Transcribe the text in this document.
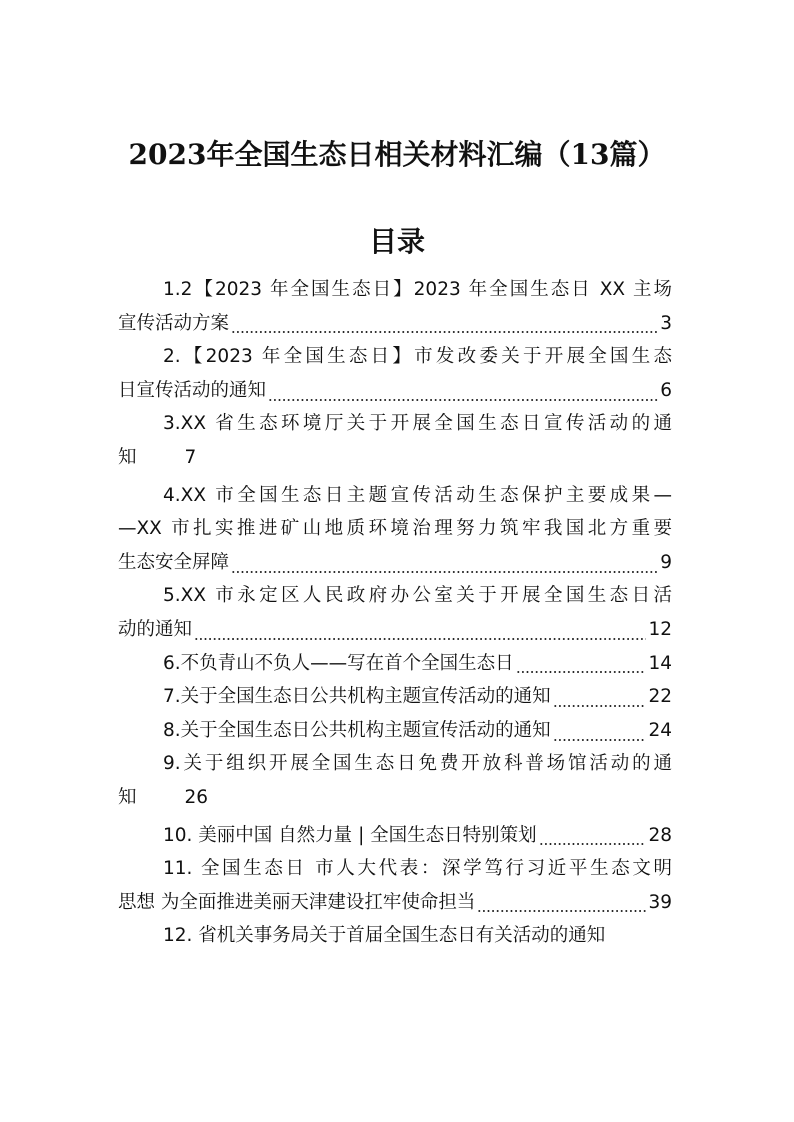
2023年全国生态日相关材料汇编（13篇）
目录
1.2【2023 年全国生态日】2023 年全国生态日 XX 主场
宣传活动方案	3
2.【2023 年全国生态日】市发改委关于开展全国生态
日宣传活动的通知	6
3.XX 省生态环境厅关于开展全国生态日宣传活动的通
知	7
4.XX 市全国生态日主题宣传活动生态保护主要成果—
—XX 市扎实推进矿山地质环境治理努力筑牢我国北方重要
生态安全屏障	9
5.XX 市永定区人民政府办公室关于开展全国生态日活
动的通知	12
6.不负青山不负人——写在首个全国生态日	14
7.关于全国生态日公共机构主题宣传活动的通知	22
8.关于全国生态日公共机构主题宣传活动的通知	24
9.关于组织开展全国生态日免费开放科普场馆活动的通
知	26
10. 美丽中国 自然力量 | 全国生态日特别策划	28
11. 全国生态日 市人大代表：深学笃行习近平生态文明
思想 为全面推进美丽天津建设扛牢使命担当	39
12. 省机关事务局关于首届全国生态日有关活动的通知
